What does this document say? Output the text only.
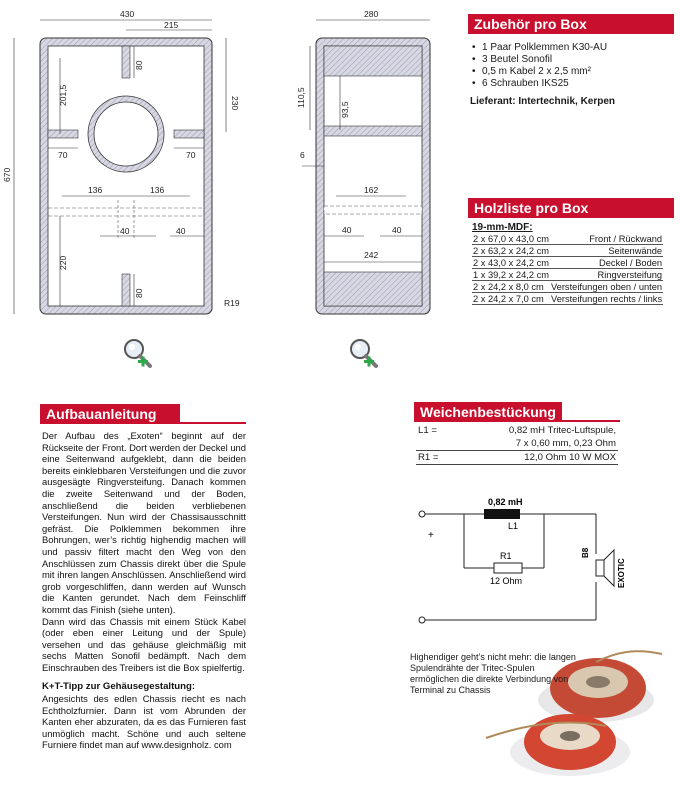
430
215
670
230
201,5
80
80
70	70
136	136
40	40
220
R19
280
110,5
93,5
6
162
40	40
242
Zubehör pro Box
• 1 Paar Polklemmen K30-AU
• 3 Beutel Sonofil
• 0,5 m Kabel 2 x 2,5 mm²
• 6 Schrauben IKS25
Lieferant: Intertechnik, Kerpen
Holzliste pro Box
19-mm-MDF:
2 x 67,0 x 43,0 cm	Front / Rückwand
2 x 63,2 x 24,2 cm	Seitenwände
2 x 43,0 x 24,2 cm	Deckel / Boden
1 x 39,2 x 24,2 cm	Ringversteifung
2 x 24,2 x 8,0 cm	Versteifungen oben / unten
2 x 24,2 x 7,0 cm	Versteifungen rechts / links
Aufbauanleitung

Der Aufbau des „Exoten“ beginnt auf der Rückseite der Front. Dort werden der Deckel und eine Seitenwand aufgeklebt, dann die beiden bereits einklebbaren Versteifungen und die zuvor ausgesägte Ringversteifung. Danach kommen die zweite Seitenwand und der Boden, anschließend die beiden verbliebenen Versteifungen. Nun wird der Chassisausschnitt gefräst. Die Polklemmen bekommen ihre Bohrungen, wer’s richtig highendig machen will und passiv filtert macht den Weg von den Anschlüssen zum Chassis direkt über die Spule mit ihren langen Anschlüssen. Anschließend wird grob vorgeschliffen, dann werden auf Wunsch die Kanten gerundet. Nach dem Feinschliff kommt das Finish (siehe unten).

Dann wird das Chassis mit einem Stück Kabel (oder eben einer Leitung und der Spule) versehen und das gehäuse gleichmäßig mit sechs Matten Sonofil bedämpft. Nach dem Einschrauben des Treibers ist die Box spielfertig.

K+T-Tipp zur Gehäusegestaltung:

Angesichts des edlen Chassis riecht es nach Echtholzfurnier. Dann ist vom Abrunden der Kanten eher abzuraten, da es das Furnieren fast unmöglich macht. Schöne und auch seltene Furniere findet man auf www.designholz. com

Weichenbestückung
L1 =	0,82 mH Tritec-Luftspule,
	7 x 0,60 mm, 0,23 Ohm
R1 =	12,0 Ohm 10 W MOX
0,82 mH
L1
R1
12 Ohm
+
B8
EXOTIC
Highendiger geht’s nicht mehr: die langen Spulendrähte der Tritec-Spulen ermöglichen die direkte Verbindung von Terminal zu Chassis
